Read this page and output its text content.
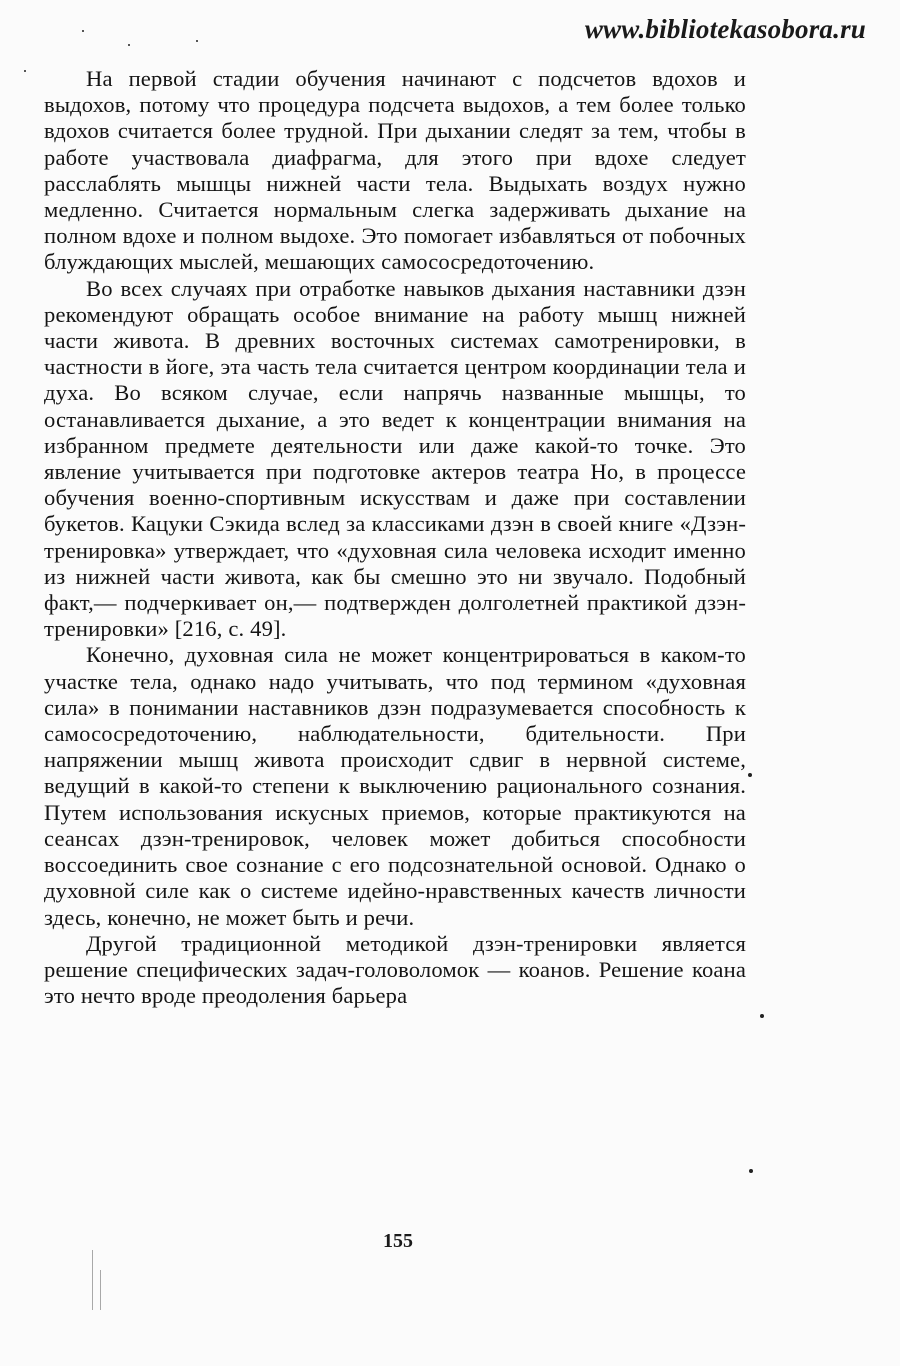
www.bibliotekasobora.ru

На первой стадии обучения начинают с подсчетов вдохов и выдохов, потому что процедура подсчета выдохов, а тем более только вдохов считается более трудной. При дыхании следят за тем, чтобы в работе участвовала диафрагма, для этого при вдохе следует расслаблять мышцы нижней части тела. Выдыхать воздух нужно медленно. Считается нормальным слегка задерживать дыхание на полном вдохе и полном выдохе. Это помогает избавляться от побочных блуждающих мыслей, мешающих самососредоточению.

Во всех случаях при отработке навыков дыхания наставники дзэн рекомендуют обращать особое внимание на работу мышц нижней части живота. В древних восточных системах самотренировки, в частности в йоге, эта часть тела считается центром координации тела и духа. Во всяком случае, если напрячь названные мышцы, то останавливается дыхание, а это ведет к концентрации внимания на избранном предмете деятельности или даже какой-то точке. Это явление учитывается при подготовке актеров театра Но, в процессе обучения военно-спортивным искусствам и даже при составлении букетов. Кацуки Сэкида вслед за классиками дзэн в своей книге «Дзэн-тренировка» утверждает, что «духовная сила человека исходит именно из нижней части живота, как бы смешно это ни звучало. Подобный факт,— подчеркивает он,— подтвержден долголетней практикой дзэн-тренировки» [216, с. 49].

Конечно, духовная сила не может концентрироваться в каком-то участке тела, однако надо учитывать, что под термином «духовная сила» в понимании наставников дзэн подразумевается способность к самососредоточению, наблюдательности, бдительности. При напряжении мышц живота происходит сдвиг в нервной системе, ведущий в какой-то степени к выключению рационального сознания. Путем использования искусных приемов, которые практикуются на сеансах дзэн-тренировок, человек может добиться способности воссоединить свое сознание с его подсознательной основой. Однако о духовной силе как о системе идейно-нравственных качеств личности здесь, конечно, не может быть и речи.

Другой традиционной методикой дзэн-тренировки является решение специфических задач-головоломок — коанов. Решение коана это нечто вроде преодоления барьера

155
